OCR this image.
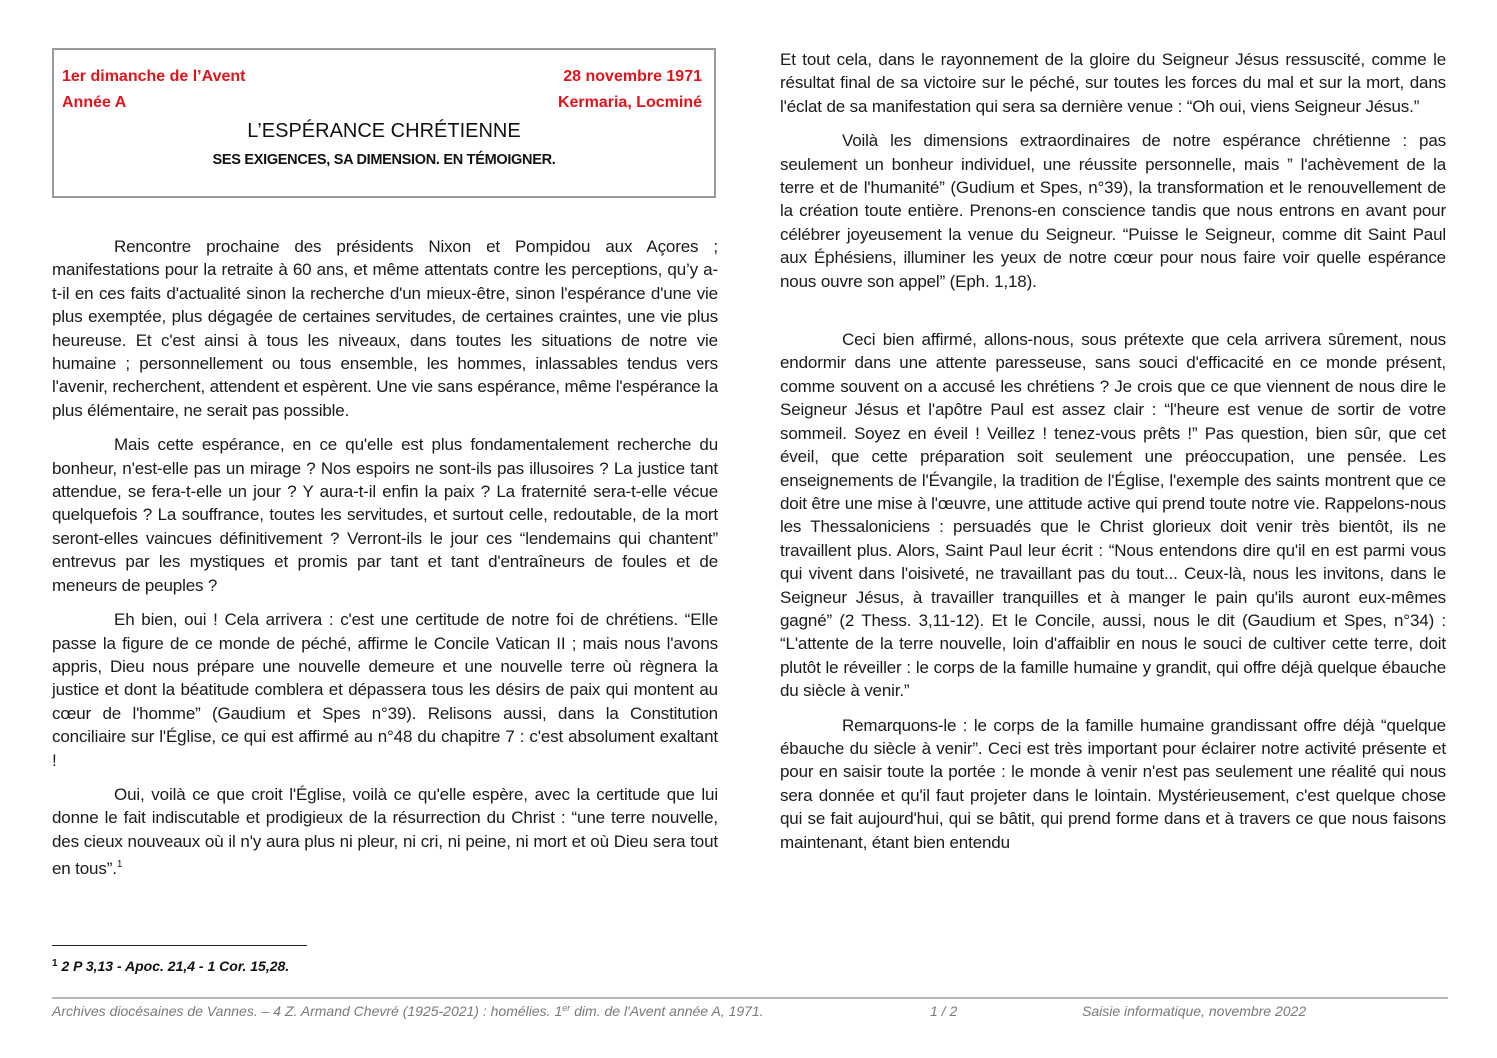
1er dimanche de l’Avent
Année A
28 novembre 1971
Kermaria, Locminé
L’ESPÉRANCE CHRÉTIENNE
SES EXIGENCES, SA DIMENSION. EN TÉMOIGNER.

Rencontre prochaine des présidents Nixon et Pompidou aux Açores ; manifestations pour la retraite à 60 ans, et même attentats contre les perceptions, qu’y a-t-il en ces faits d'actualité sinon la recherche d'un mieux-être, sinon l'espérance d'une vie plus exemptée, plus dégagée de certaines servitudes, de certaines craintes, une vie plus heureuse. Et c'est ainsi à tous les niveaux, dans toutes les situations de notre vie humaine ; personnellement ou tous ensemble, les hommes, inlassables tendus vers l'avenir, recherchent, attendent et espèrent. Une vie sans espérance, même l'espérance la plus élémentaire, ne serait pas possible.

Mais cette espérance, en ce qu'elle est plus fondamentalement recherche du bonheur, n'est-elle pas un mirage ? Nos espoirs ne sont-ils pas illusoires ? La justice tant attendue, se fera-t-elle un jour ? Y aura-t-il enfin la paix ? La fraternité sera-t-elle vécue quelquefois ? La souffrance, toutes les servitudes, et surtout celle, redoutable, de la mort seront-elles vaincues définitivement ? Verront-ils le jour ces “lendemains qui chantent” entrevus par les mystiques et promis par tant et tant d'entraîneurs de foules et de meneurs de peuples ?

Eh bien, oui ! Cela arrivera : c'est une certitude de notre foi de chrétiens. “Elle passe la figure de ce monde de péché, affirme le Concile Vatican II ; mais nous l'avons appris, Dieu nous prépare une nouvelle demeure et une nouvelle terre où règnera la justice et dont la béatitude comblera et dépassera tous les désirs de paix qui montent au cœur de l'homme” (Gaudium et Spes n°39). Relisons aussi, dans la Constitution conciliaire sur l'Église, ce qui est affirmé au n°48 du chapitre 7 : c'est absolument exaltant !

Oui, voilà ce que croit l'Église, voilà ce qu'elle espère, avec la certitude que lui donne le fait indiscutable et prodigieux de la résurrection du Christ : “une terre nouvelle, des cieux nouveaux où il n'y aura plus ni pleur, ni cri, ni peine, ni mort et où Dieu sera tout en tous”.$^1$

Et tout cela, dans le rayonnement de la gloire du Seigneur Jésus ressuscité, comme le résultat final de sa victoire sur le péché, sur toutes les forces du mal et sur la mort, dans l'éclat de sa manifestation qui sera sa dernière venue : “Oh oui, viens Seigneur Jésus.”

Voilà les dimensions extraordinaires de notre espérance chrétienne : pas seulement un bonheur individuel, une réussite personnelle, mais ” l'achèvement de la terre et de l'humanité” (Gudium et Spes, n°39), la transformation et le renouvellement de la création toute entière. Prenons-en conscience tandis que nous entrons en avant pour célébrer joyeusement la venue du Seigneur. “Puisse le Seigneur, comme dit Saint Paul aux Éphésiens, illuminer les yeux de notre cœur pour nous faire voir quelle espérance nous ouvre son appel” (Eph. 1,18).

Ceci bien affirmé, allons-nous, sous prétexte que cela arrivera sûrement, nous endormir dans une attente paresseuse, sans souci d'efficacité en ce monde présent, comme souvent on a accusé les chrétiens ? Je crois que ce que viennent de nous dire le Seigneur Jésus et l'apôtre Paul est assez clair : “l'heure est venue de sortir de votre sommeil. Soyez en éveil ! Veillez ! tenez-vous prêts !” Pas question, bien sûr, que cet éveil, que cette préparation soit seulement une préoccupation, une pensée. Les enseignements de l'Évangile, la tradition de l'Église, l'exemple des saints montrent que ce doit être une mise à l'œuvre, une attitude active qui prend toute notre vie. Rappelons-nous les Thessaloniciens : persuadés que le Christ glorieux doit venir très bientôt, ils ne travaillent plus. Alors, Saint Paul leur écrit : “Nous entendons dire qu'il en est parmi vous qui vivent dans l'oisiveté, ne travaillant pas du tout... Ceux-là, nous les invitons, dans le Seigneur Jésus, à travailler tranquilles et à manger le pain qu'ils auront eux-mêmes gagné” (2 Thess. 3,11-12). Et le Concile, aussi, nous le dit (Gaudium et Spes, n°34) : “L'attente de la terre nouvelle, loin d'affaiblir en nous le souci de cultiver cette terre, doit plutôt le réveiller : le corps de la famille humaine y grandit, qui offre déjà quelque ébauche du siècle à venir.”

Remarquons-le : le corps de la famille humaine grandissant offre déjà “quelque ébauche du siècle à venir”. Ceci est très important pour éclairer notre activité présente et pour en saisir toute la portée : le monde à venir n'est pas seulement une réalité qui nous sera donnée et qu'il faut projeter dans le lointain. Mystérieusement, c'est quelque chose qui se fait aujourd'hui, qui se bâtit, qui prend forme dans et à travers ce que nous faisons maintenant, étant bien entendu

$^1$ 2 P 3,13 - Apoc. 21,4 - 1 Cor. 15,28.
Archives diocésaines de Vannes. – 4 Z. Armand Chevré (1925-2021) : homélies. 1er dim. de l'Avent année A, 1971.	1 / 2	Saisie informatique, novembre 2022
